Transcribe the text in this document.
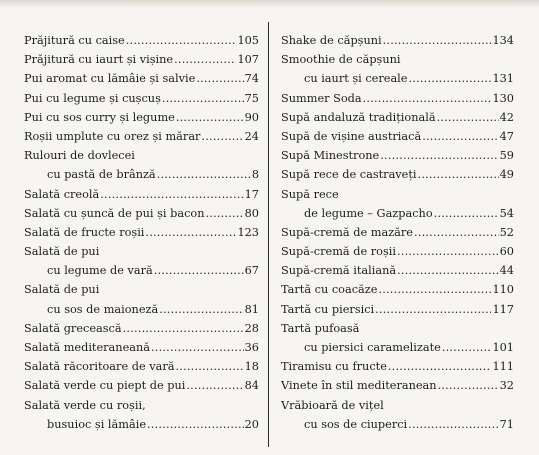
Prăjitură cu caise .....	105
Prăjitură cu iaurt și vișine .....	107
Pui aromat cu lămâie și salvie .....	74
Pui cu legume și cușcuș .....	75
Pui cu sos curry și legume .....	90
Roșii umplute cu orez și mărar .....	24
Rulouri de dovlecei
cu pastă de brânză .....	8
Salată creolă .....	17
Salată cu șuncă de pui și bacon .....	80
Salată de fructe roșii .....	123
Salată de pui
cu legume de vară .....	67
Salată de pui
cu sos de maioneză .....	81
Salată grecească .....	28
Salată mediteraneană .....	36
Salată răcoritoare de vară .....	18
Salată verde cu piept de pui .....	84
Salată verde cu roșii,
busuioc și lămâie .....	20
Shake de căpșuni .....	134
Smoothie de căpșuni
cu iaurt și cereale .....	131
Summer Soda .....	130
Supă andaluză tradițională .....	42
Supă de vișine austriacă .....	47
Supă Minestrone .....	59
Supă rece de castraveți .....	49
Supă rece
de legume – Gazpacho .....	54
Supă-cremă de mazăre .....	52
Supă-cremă de roșii .....	60
Supă-cremă italiană .....	44
Tartă cu coacăze .....	110
Tartă cu piersici .....	117
Tartă pufoasă
cu piersici caramelizate .....	101
Tiramisu cu fructe .....	111
Vinete în stil mediteranean .....	32
Vrăbioară de vițel
cu sos de ciuperci .....	71
